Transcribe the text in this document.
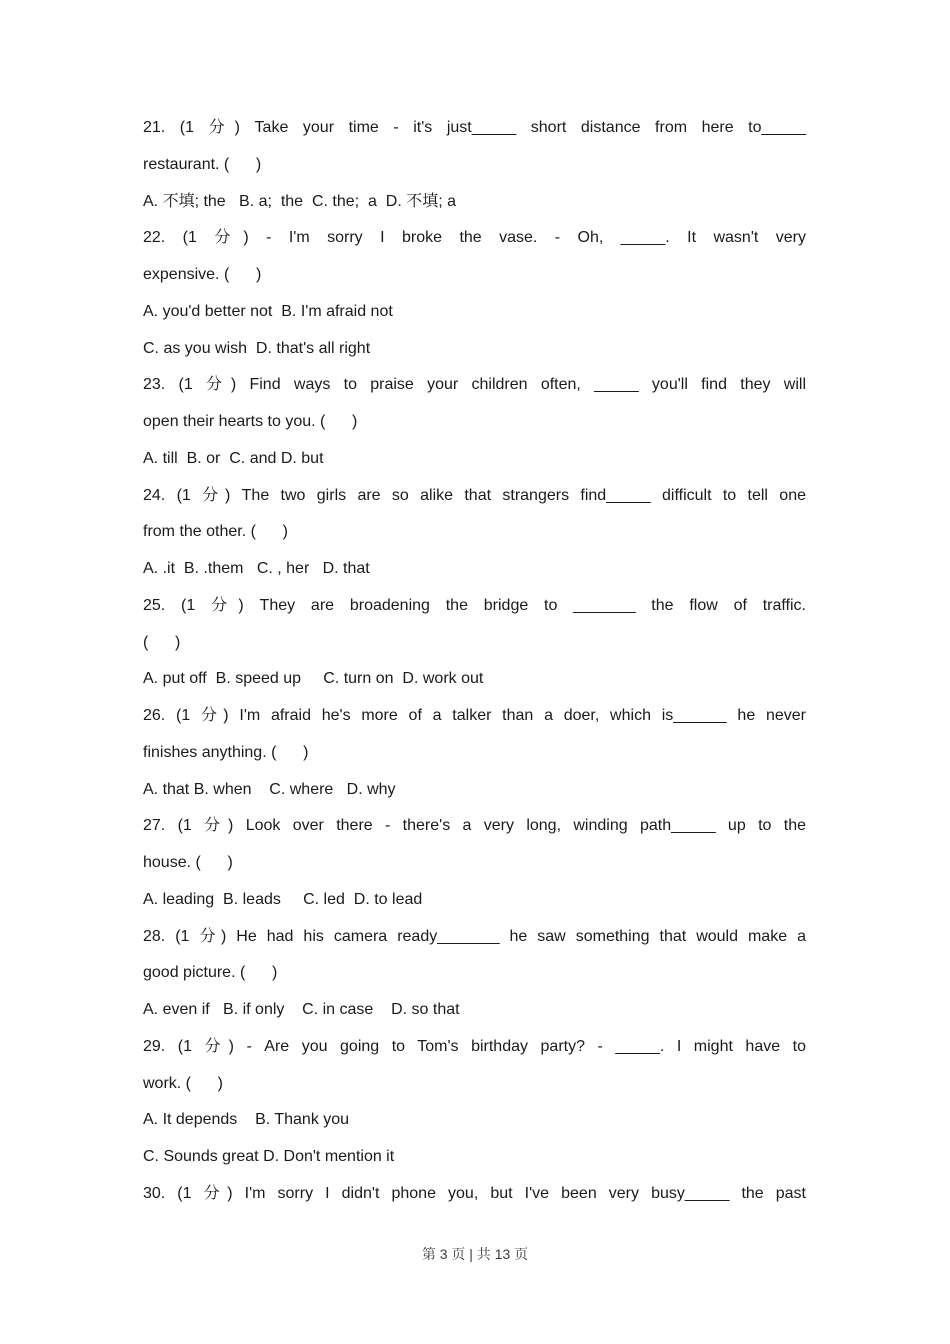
21. (1 分) Take your time - it's just_____ short distance from here to_____
restaurant. (      )
A. 不填; the   B. a;  the  C. the;  a  D. 不填; a
22. (1 分) - I'm sorry I broke the vase. - Oh, _____. It wasn't very
expensive. (      )
A. you'd better not  B. I'm afraid not
C. as you wish  D. that's all right
23. (1 分) Find ways to praise your children often, _____ you'll find they will
open their hearts to you. (      )
A. till  B. or  C. and D. but
24. (1 分) The two girls are so alike that strangers find_____ difficult to tell one
from the other. (      )
A. .it  B. .them   C. , her   D. that
25. (1 分) They are broadening the bridge to _______ the flow of traffic.
(      )
A. put off  B. speed up     C. turn on  D. work out
26. (1 分) I'm afraid he's more of a talker than a doer, which is______ he never
finishes anything. (      )
A. that B. when    C. where   D. why
27. (1 分) Look over there - there's a very long, winding path_____ up to the
house. (      )
A. leading  B. leads     C. led  D. to lead
28. (1 分) He had his camera ready_______ he saw something that would make a
good picture. (      )
A. even if   B. if only    C. in case    D. so that
29. (1 分) - Are you going to Tom's birthday party? - _____. I might have to
work. (      )
A. It depends    B. Thank you
C. Sounds great D. Don't mention it
30. (1 分) I'm sorry I didn't phone you, but I've been very busy_____ the past
第 3 页 | 共 13 页
